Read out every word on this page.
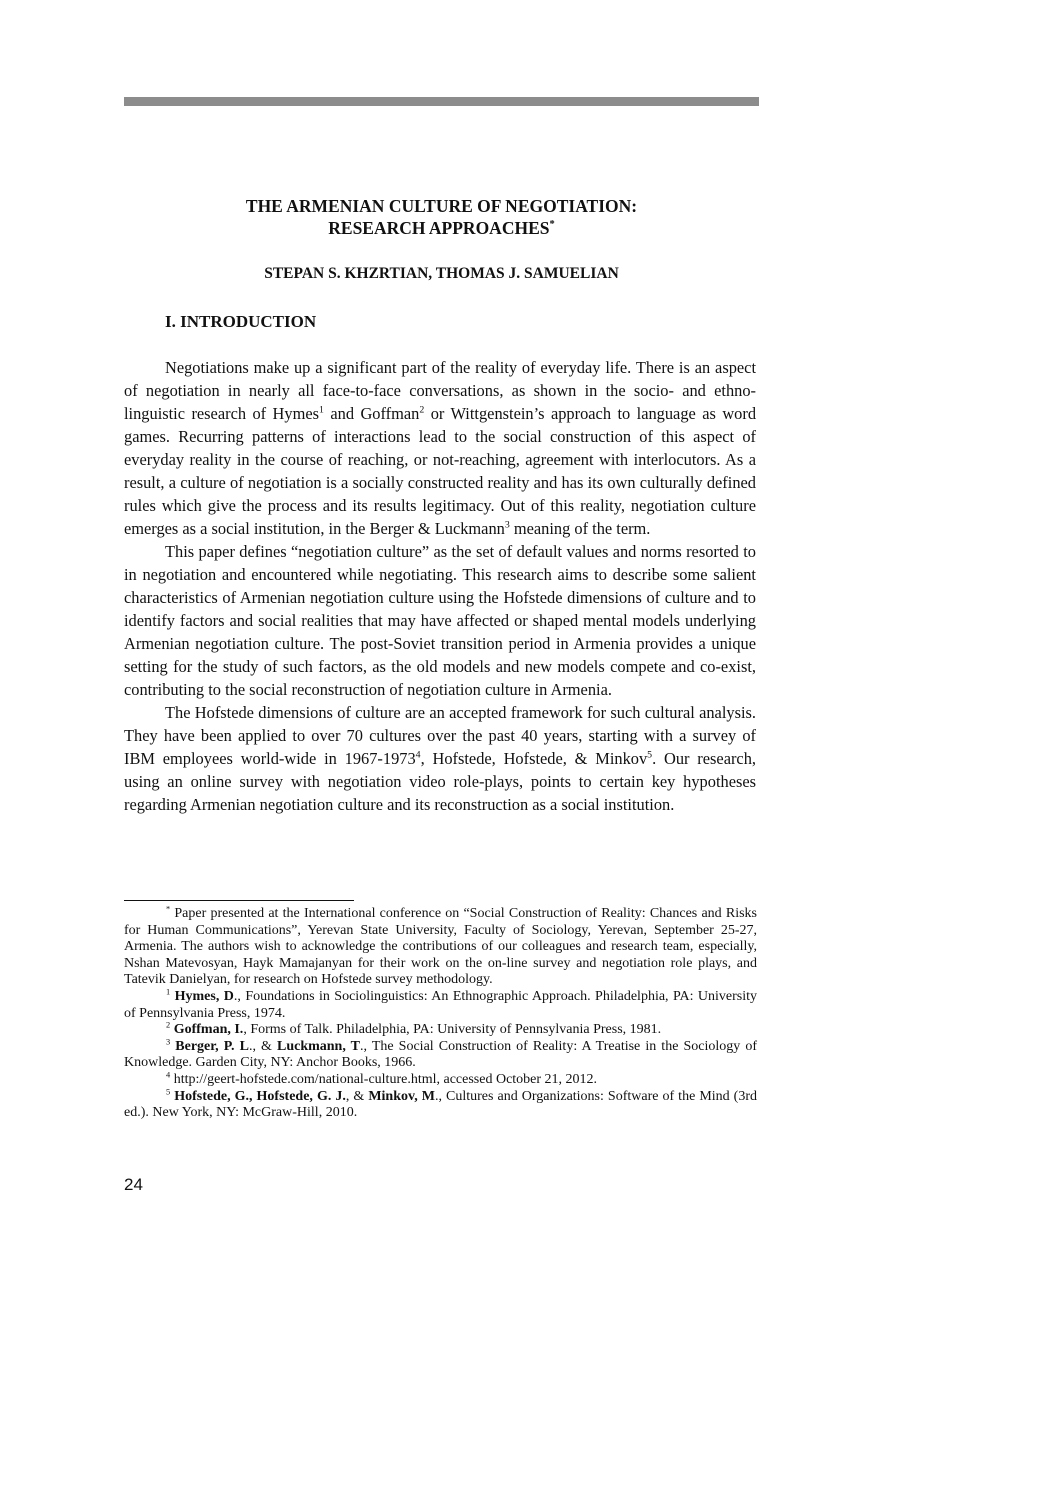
THE ARMENIAN CULTURE OF NEGOTIATION:
RESEARCH APPROACHES*
STEPAN S. KHZRTIAN, THOMAS J. SAMUELIAN
I. INTRODUCTION

Negotiations make up a significant part of the reality of everyday life. There is an aspect of negotiation in nearly all face-to-face conversations, as shown in the socio- and ethno-linguistic research of Hymes$^1$ and Goffman$^2$ or Wittgenstein’s approach to language as word games. Recurring patterns of interactions lead to the social construction of this aspect of everyday reality in the course of reaching, or not-reaching, agreement with interlocutors. As a result, a culture of negotiation is a socially constructed reality and has its own culturally defined rules which give the process and its results legitimacy. Out of this reality, negotiation culture emerges as a social institution, in the Berger & Luckmann$^3$ meaning of the term.

This paper defines “negotiation culture” as the set of default values and norms resorted to in negotiation and encountered while negotiating. This research aims to describe some salient characteristics of Armenian negotiation culture using the Hofstede dimensions of culture and to identify factors and social realities that may have affected or shaped mental models underlying Armenian negotiation culture. The post-Soviet transition period in Armenia provides a unique setting for the study of such factors, as the old models and new models compete and co-exist, contributing to the social reconstruction of negotiation culture in Armenia.

The Hofstede dimensions of culture are an accepted framework for such cultural analysis. They have been applied to over 70 cultures over the past 40 years, starting with a survey of IBM employees world-wide in 1967-1973$^4$, Hofstede, Hofstede, & Minkov$^5$. Our research, using an online survey with negotiation video role-plays, points to certain key hypotheses regarding Armenian negotiation culture and its reconstruction as a social institution.

* Paper presented at the International conference on “Social Construction of Reality: Chances and Risks for Human Communications”, Yerevan State University, Faculty of Sociology, Yerevan, September 25-27, Armenia. The authors wish to acknowledge the contributions of our colleagues and research team, especially, Nshan Matevosyan, Hayk Mamajanyan for their work on the on-line survey and negotiation role plays, and Tatevik Danielyan, for research on Hofstede survey methodology.

$^1$ Hymes, D., Foundations in Sociolinguistics: An Ethnographic Approach. Philadelphia, PA: University of Pennsylvania Press, 1974.

$^2$ Goffman, I., Forms of Talk. Philadelphia, PA: University of Pennsylvania Press, 1981.

$^3$ Berger, P. L., & Luckmann, T., The Social Construction of Reality: A Treatise in the Sociology of Knowledge. Garden City, NY: Anchor Books, 1966.

$^4$ http://geert-hofstede.com/national-culture.html, accessed October 21, 2012.

$^5$ Hofstede, G., Hofstede, G. J., & Minkov, M., Cultures and Organizations: Software of the Mind (3rd ed.). New York, NY: McGraw-Hill, 2010.

24
